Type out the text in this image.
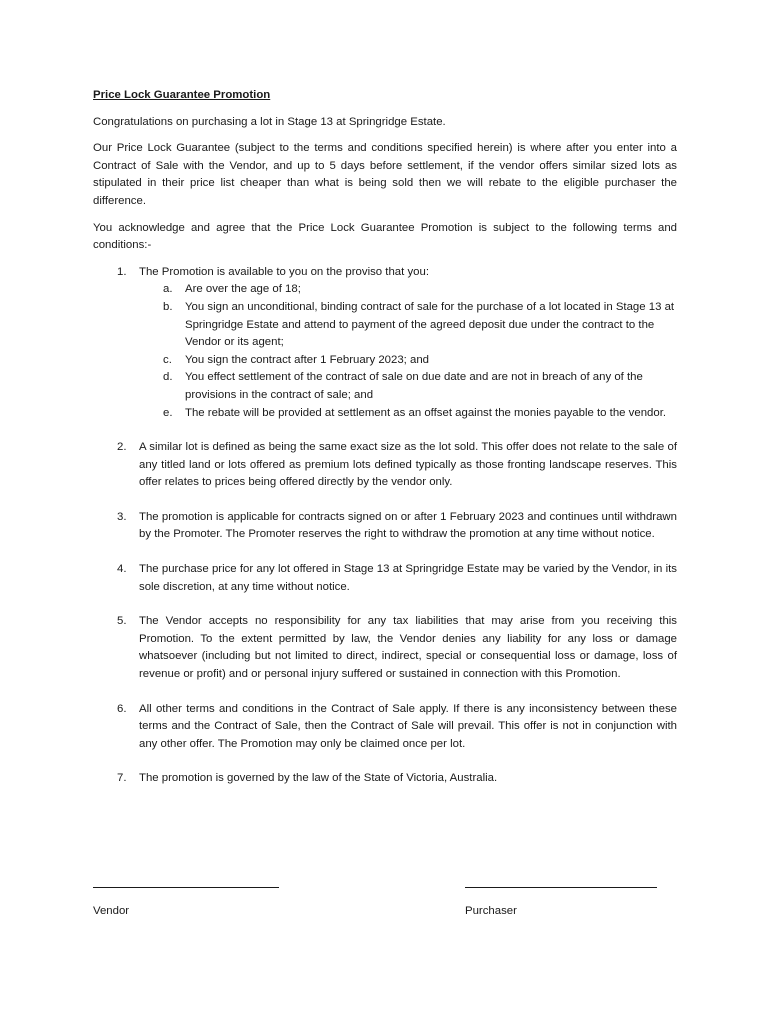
Price Lock Guarantee Promotion

Congratulations on purchasing a lot in Stage 13 at Springridge Estate.

Our Price Lock Guarantee (subject to the terms and conditions specified herein) is where after you enter into a Contract of Sale with the Vendor, and up to 5 days before settlement, if the vendor offers similar sized lots as stipulated in their price list cheaper than what is being sold then we will rebate to the eligible purchaser the difference.

You acknowledge and agree that the Price Lock Guarantee Promotion is subject to the following terms and conditions:-

1. The Promotion is available to you on the proviso that you:
a. Are over the age of 18;
b. You sign an unconditional, binding contract of sale for the purchase of a lot located in Stage 13 at Springridge Estate and attend to payment of the agreed deposit due under the contract to the Vendor or its agent;
c. You sign the contract after 1 February 2023; and
d. You effect settlement of the contract of sale on due date and are not in breach of any of the provisions in the contract of sale; and
e. The rebate will be provided at settlement as an offset against the monies payable to the vendor.
2. A similar lot is defined as being the same exact size as the lot sold. This offer does not relate to the sale of any titled land or lots offered as premium lots defined typically as those fronting landscape reserves. This offer relates to prices being offered directly by the vendor only.
3. The promotion is applicable for contracts signed on or after 1 February 2023 and continues until withdrawn by the Promoter. The Promoter reserves the right to withdraw the promotion at any time without notice.
4. The purchase price for any lot offered in Stage 13 at Springridge Estate may be varied by the Vendor, in its sole discretion, at any time without notice.
5. The Vendor accepts no responsibility for any tax liabilities that may arise from you receiving this Promotion. To the extent permitted by law, the Vendor denies any liability for any loss or damage whatsoever (including but not limited to direct, indirect, special or consequential loss or damage, loss of revenue or profit) and or personal injury suffered or sustained in connection with this Promotion.
6. All other terms and conditions in the Contract of Sale apply. If there is any inconsistency between these terms and the Contract of Sale, then the Contract of Sale will prevail. This offer is not in conjunction with any other offer. The Promotion may only be claimed once per lot.
7. The promotion is governed by the law of the State of Victoria, Australia.
Vendor	Purchaser
